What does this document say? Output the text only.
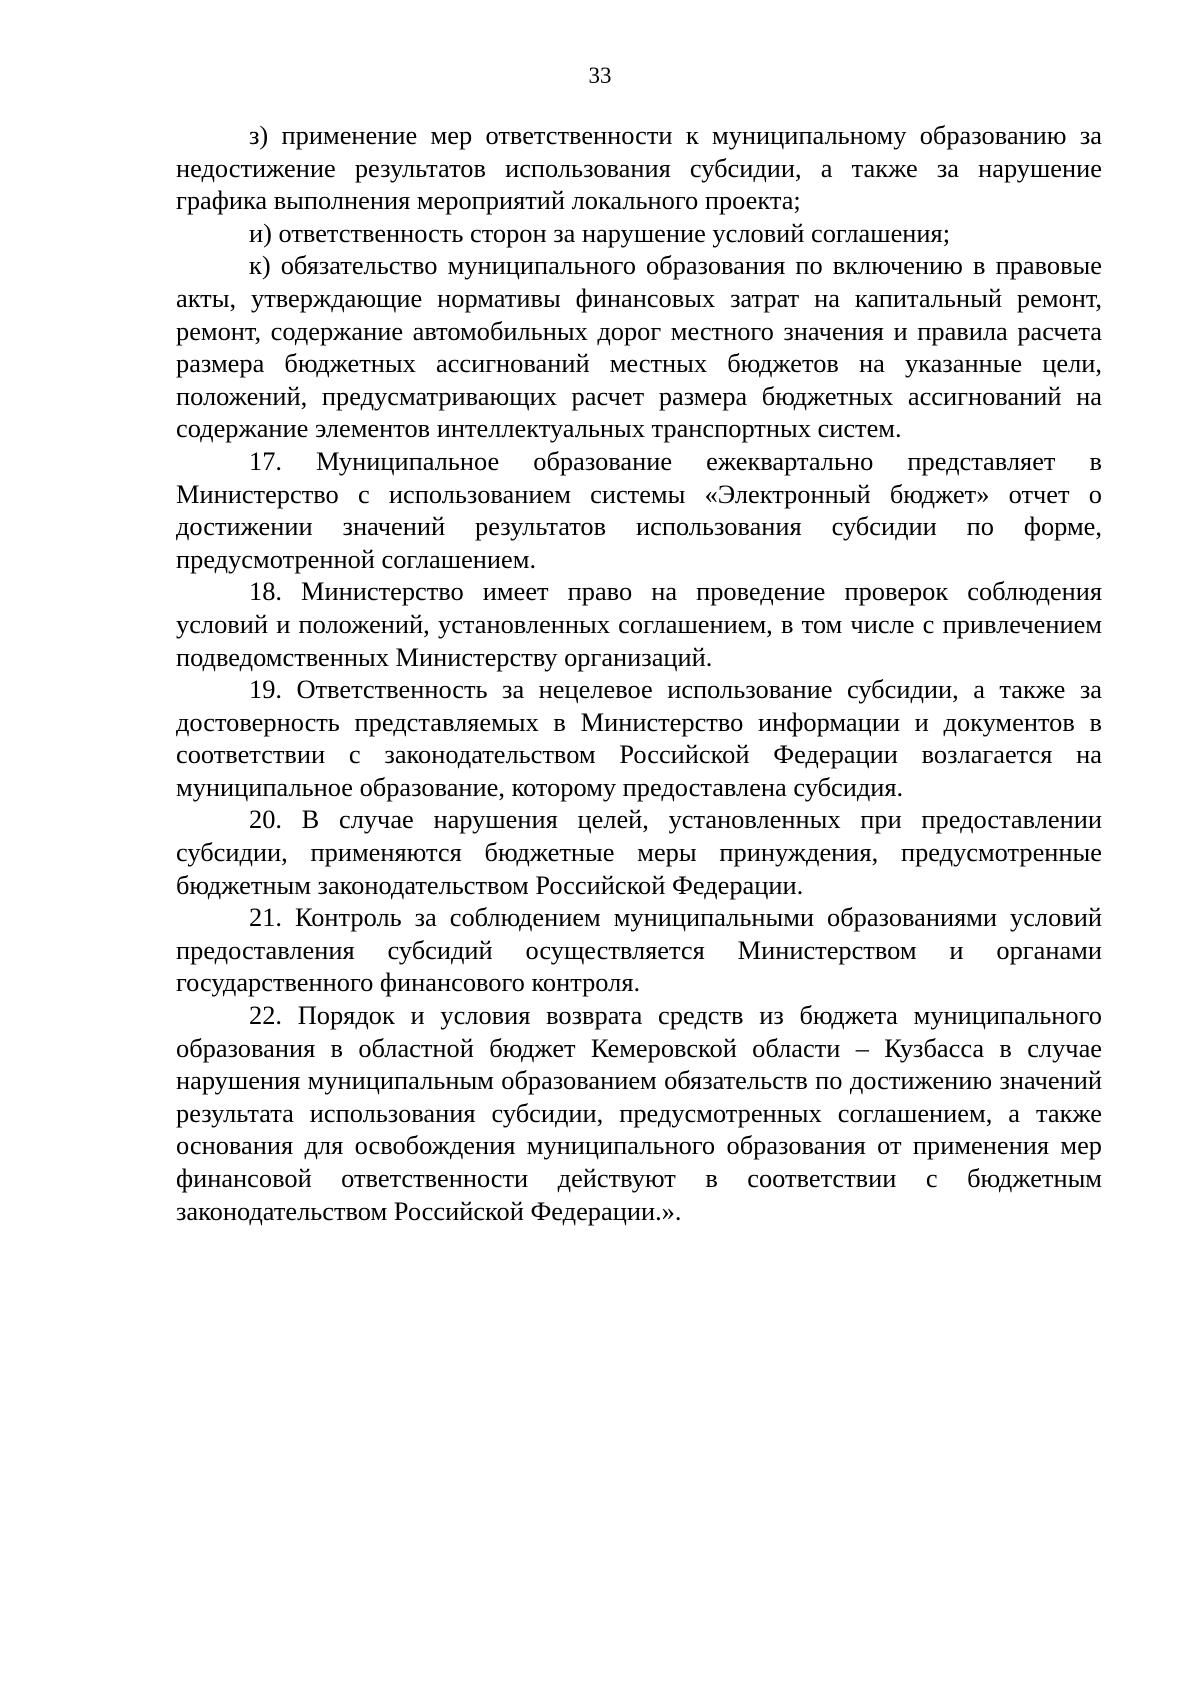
33

з) применение мер ответственности к муниципальному образованию за недостижение результатов использования субсидии, а также за нарушение графика выполнения мероприятий локального проекта;

и) ответственность сторон за нарушение условий соглашения;

к) обязательство муниципального образования по включению в правовые акты, утверждающие нормативы финансовых затрат на капитальный ремонт, ремонт, содержание автомобильных дорог местного значения и правила расчета размера бюджетных ассигнований местных бюджетов на указанные цели, положений, предусматривающих расчет размера бюджетных ассигнований на содержание элементов интеллектуальных транспортных систем.

17. Муниципальное образование ежеквартально представляет в Министерство с использованием системы «Электронный бюджет» отчет о достижении значений результатов использования субсидии по форме, предусмотренной соглашением.

18. Министерство имеет право на проведение проверок соблюдения условий и положений, установленных соглашением, в том числе с привлечением подведомственных Министерству организаций.

19. Ответственность за нецелевое использование субсидии, а также за достоверность представляемых в Министерство информации и документов в соответствии с законодательством Российской Федерации возлагается на муниципальное образование, которому предоставлена субсидия.

20. В случае нарушения целей, установленных при предоставлении субсидии, применяются бюджетные меры принуждения, предусмотренные бюджетным законодательством Российской Федерации.

21. Контроль за соблюдением муниципальными образованиями условий предоставления субсидий осуществляется Министерством и органами государственного финансового контроля.

22. Порядок и условия возврата средств из бюджета муниципального образования в областной бюджет Кемеровской области – Кузбасса в случае нарушения муниципальным образованием обязательств по достижению значений результата использования субсидии, предусмотренных соглашением, а также основания для освобождения муниципального образования от применения мер финансовой ответственности действуют в соответствии с бюджетным законодательством Российской Федерации.».
